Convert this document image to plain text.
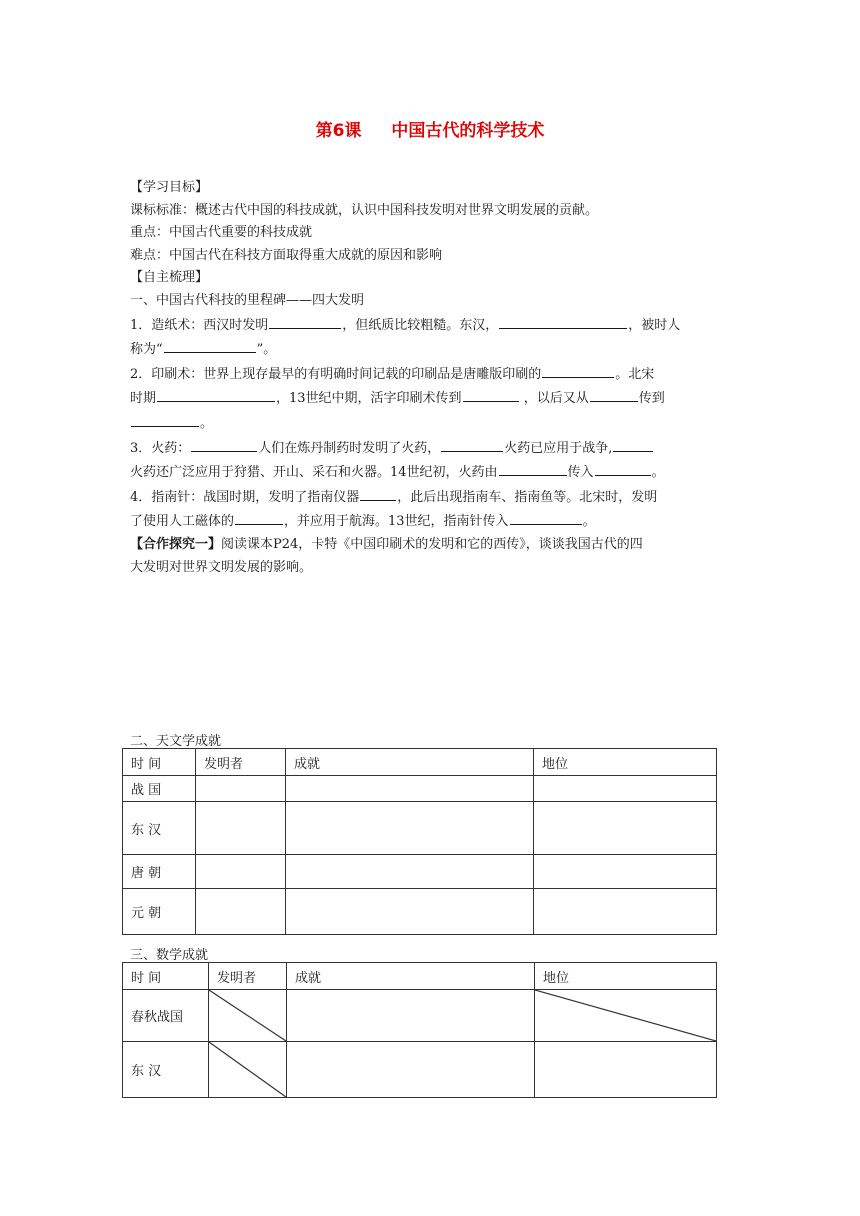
第6课 中国古代的科学技术

【学习目标】

课标标准：概述古代中国的科技成就，认识中国科技发明对世界文明发展的贡献。

重点：中国古代重要的科技成就

难点：中国古代在科技方面取得重大成就的原因和影响

【自主梳理】

一、中国古代科技的里程碑——四大发明

1．造纸术：西汉时发明	，但纸质比较粗糙。东汉，	，被时人

称为“	”。

2．印刷术：世界上现存最早的有明确时间记载的印刷品是唐雕版印刷的	。北宋

时期	，13世纪中期，活字印刷术传到	，以后又从	传到

。

3．火药：	人们在炼丹制药时发明了火药，	火药已应用于战争,

火药还广泛应用于狩猎、开山、采石和火器。14世纪初，火药由	传入	。

4．指南针：战国时期，发明了指南仪器	，此后出现指南车、指南鱼等。北宋时，发明

了使用人工磁体的	，并应用于航海。13世纪，指南针传入	。

【合作探究一】阅读课本P24，卡特《中国印刷术的发明和它的西传》，谈谈我国古代的四

大发明对世界文明发展的影响。

二、天文学成就
时 间	发明者	成就	地位
战 国			
东 汉			
唐 朝			
元 朝			
三、数学成就
时 间	发明者	成就	地位
春秋战国	

东 汉	
